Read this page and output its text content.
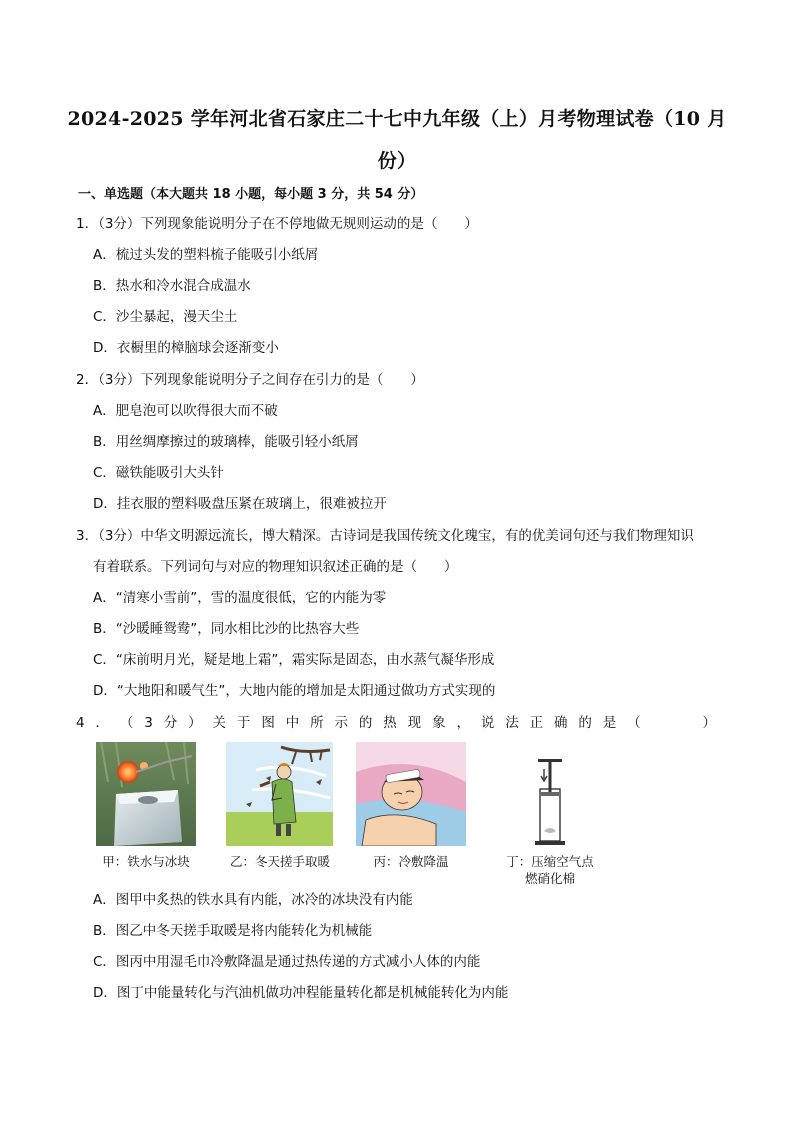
2024-2025 学年河北省石家庄二十七中九年级（上）月考物理试卷（10 月
份）
一、单选题（本大题共 18 小题，每小题 3 分，共 54 分）
1．（3分）下列现象能说明分子在不停地做无规则运动的是（　　）
A．梳过头发的塑料梳子能吸引小纸屑
B．热水和冷水混合成温水
C．沙尘暴起，漫天尘土
D．衣橱里的樟脑球会逐渐变小
2．（3分）下列现象能说明分子之间存在引力的是（　　）
A．肥皂泡可以吹得很大而不破
B．用丝绸摩擦过的玻璃棒，能吸引轻小纸屑
C．磁铁能吸引大头针
D．挂衣服的塑料吸盘压紧在玻璃上，很难被拉开
3．（3分）中华文明源远流长，博大精深。古诗词是我国传统文化瑰宝，有的优美词句还与我们物理知识
有着联系。下列词句与对应的物理知识叙述正确的是（　　）
A．“清寒小雪前”，雪的温度很低，它的内能为零
B．“沙暖睡鸳鸯”，同水相比沙的比热容大些
C．“床前明月光，疑是地上霜”，霜实际是固态，由水蒸气凝华形成
D．“大地阳和暖气生”，大地内能的增加是太阳通过做功方式实现的
4 ． （ 3 分 ） 关 于 图 中 所 示 的 热 现 象 ， 说 法 正 确 的 是 （	）
甲：铁水与冰块	乙：冬天搓手取暖	丙：冷敷降温	丁：压缩空气点
燃硝化棉
A．图甲中炙热的铁水具有内能，冰冷的冰块没有内能
B．图乙中冬天搓手取暖是将内能转化为机械能
C．图丙中用湿毛巾冷敷降温是通过热传递的方式减小人体的内能
D．图丁中能量转化与汽油机做功冲程能量转化都是机械能转化为内能
